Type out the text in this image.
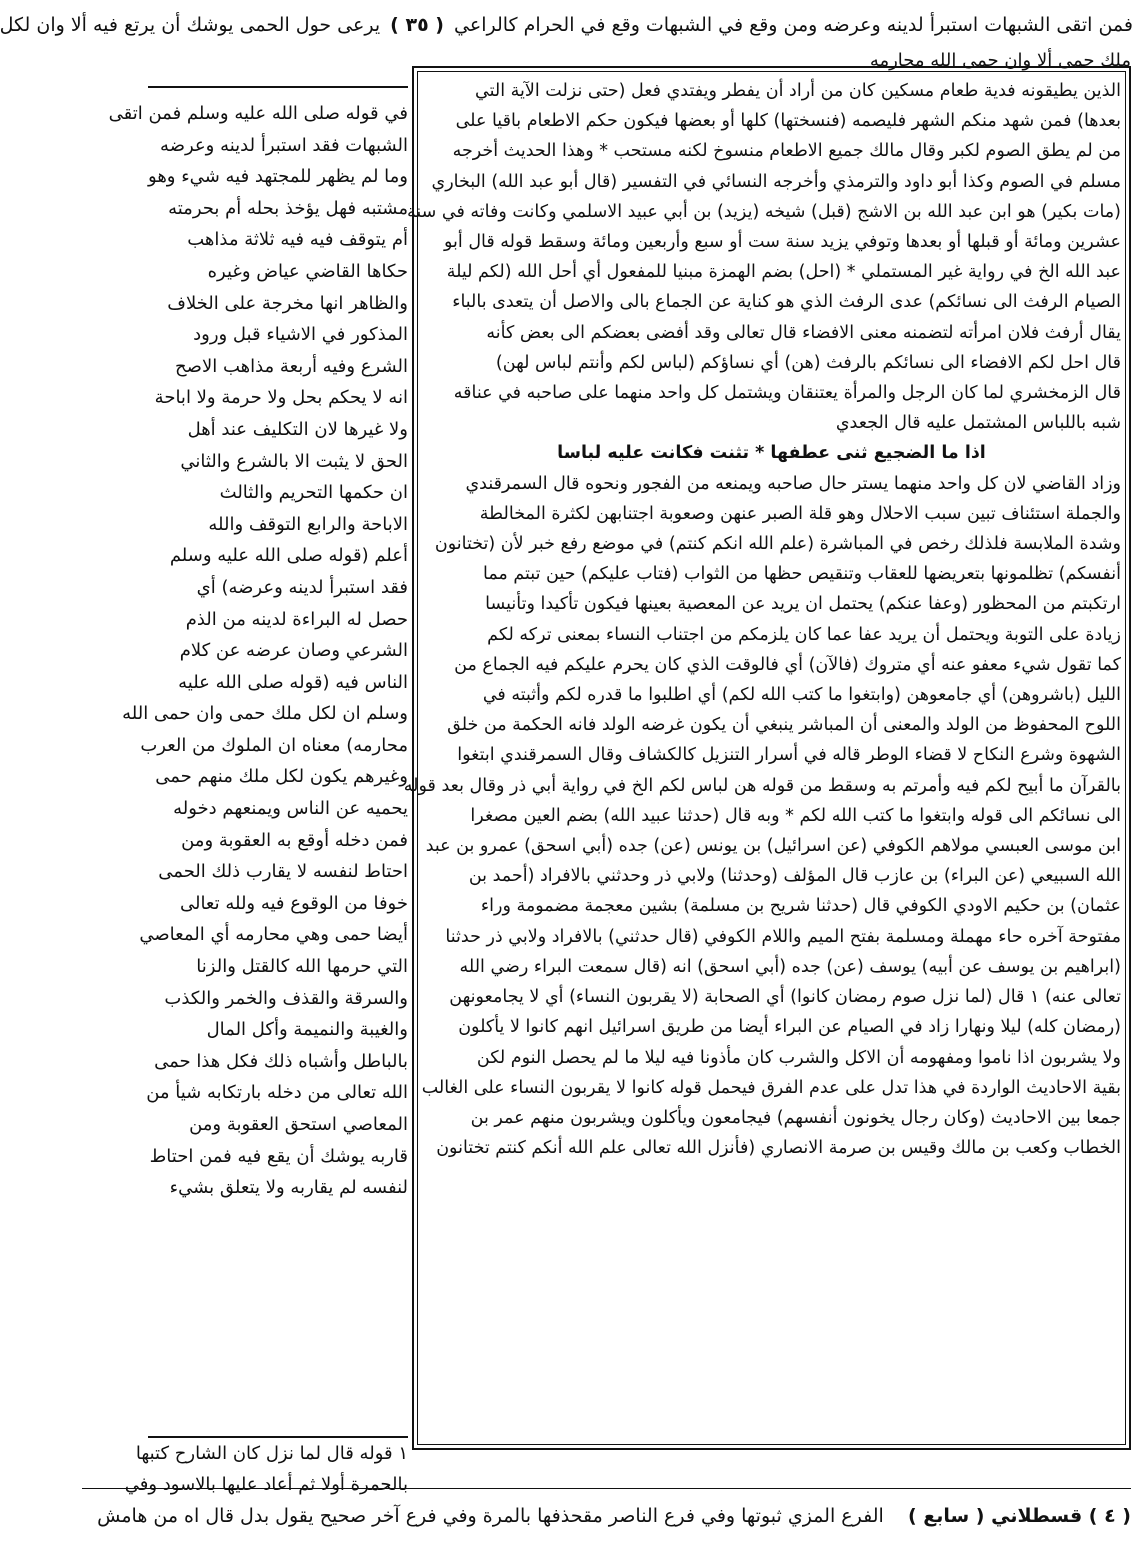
فمن اتقى الشبهات استبرأ لدينه وعرضه ومن وقع في الشبهات وقع في الحرام كالراعي ( ٣٥ ) يرعى حول الحمى يوشك أن يرتع فيه ألا وان لكل
ملك حمى ألا وان حمى الله محارمه

الذين يطيقونه فدية طعام مسكين كان من أراد أن يفطر ويفتدي فعل (حتى نزلت الآية التي

بعدها) فمن شهد منكم الشهر فليصمه (فنسختها) كلها أو بعضها فيكون حكم الاطعام باقيا على

من لم يطق الصوم لكبر وقال مالك جميع الاطعام منسوخ لكنه مستحب * وهذا الحديث أخرجه

مسلم في الصوم وكذا أبو داود والترمذي وأخرجه النسائي في التفسير (قال أبو عبد الله) البخاري

(مات بكير) هو ابن عبد الله بن الاشج (قبل) شيخه (يزيد) بن أبي عبيد الاسلمي وكانت وفاته في سنة

عشرين ومائة أو قبلها أو بعدها وتوفي يزيد سنة ست أو سبع وأربعين ومائة وسقط قوله قال أبو

عبد الله الخ في رواية غير المستملي * (احل) بضم الهمزة مبنيا للمفعول أي أحل الله (لكم ليلة

الصيام الرفث الى نسائكم) عدى الرفث الذي هو كناية عن الجماع بالى والاصل أن يتعدى بالباء

يقال أرفث فلان امرأته لتضمنه معنى الافضاء قال تعالى وقد أفضى بعضكم الى بعض كأنه

قال احل لكم الافضاء الى نسائكم بالرفث (هن) أي نساؤكم (لباس لكم وأنتم لباس لهن)

قال الزمخشري لما كان الرجل والمرأة يعتنقان ويشتمل كل واحد منهما على صاحبه في عناقه

شبه باللباس المشتمل عليه قال الجعدي

اذا ما الضجيع ثنى عطفها * تثنت فكانت عليه لباسا

وزاد القاضي لان كل واحد منهما يستر حال صاحبه ويمنعه من الفجور ونحوه قال السمرقندي

والجملة استئناف تبين سبب الاحلال وهو قلة الصبر عنهن وصعوبة اجتنابهن لكثرة المخالطة

وشدة الملابسة فلذلك رخص في المباشرة (علم الله انكم كنتم) في موضع رفع خبر لأن (تختانون

أنفسكم) تظلمونها بتعريضها للعقاب وتنقيص حظها من الثواب (فتاب عليكم) حين تبتم مما

ارتكبتم من المحظور (وعفا عنكم) يحتمل ان يريد عن المعصية بعينها فيكون تأكيدا وتأنيسا

زيادة على التوبة ويحتمل أن يريد عفا عما كان يلزمكم من اجتناب النساء بمعنى تركه لكم

كما تقول شيء معفو عنه أي متروك (فالآن) أي فالوقت الذي كان يحرم عليكم فيه الجماع من

الليل (باشروهن) أي جامعوهن (وابتغوا ما كتب الله لكم) أي اطلبوا ما قدره لكم وأثبته في

اللوح المحفوظ من الولد والمعنى أن المباشر ينبغي أن يكون غرضه الولد فانه الحكمة من خلق

الشهوة وشرع النكاح لا قضاء الوطر قاله في أسرار التنزيل كالكشاف وقال السمرقندي ابتغوا

بالقرآن ما أبيح لكم فيه وأمرتم به وسقط من قوله هن لباس لكم الخ في رواية أبي ذر وقال بعد قوله

الى نسائكم الى قوله وابتغوا ما كتب الله لكم * وبه قال (حدثنا عبيد الله) بضم العين مصغرا

ابن موسى العبسي مولاهم الكوفي (عن اسرائيل) بن يونس (عن) جده (أبي اسحق) عمرو بن عبد

الله السبيعي (عن البراء) بن عازب قال المؤلف (وحدثنا) ولابي ذر وحدثني بالافراد (أحمد بن

عثمان) بن حكيم الاودي الكوفي قال (حدثنا شريح بن مسلمة) بشين معجمة مضمومة وراء

مفتوحة آخره حاء مهملة ومسلمة بفتح الميم واللام الكوفي (قال حدثني) بالافراد ولابي ذر حدثنا

(ابراهيم بن يوسف عن أبيه) يوسف (عن) جده (أبي اسحق) انه (قال سمعت البراء رضي الله

تعالى عنه) ١ قال (لما نزل صوم رمضان كانوا) أي الصحابة (لا يقربون النساء) أي لا يجامعونهن

(رمضان كله) ليلا ونهارا زاد في الصيام عن البراء أيضا من طريق اسرائيل انهم كانوا لا يأكلون

ولا يشربون اذا ناموا ومفهومه أن الاكل والشرب كان مأذونا فيه ليلا ما لم يحصل النوم لكن

بقية الاحاديث الواردة في هذا تدل على عدم الفرق فيحمل قوله كانوا لا يقربون النساء على الغالب

جمعا بين الاحاديث (وكان رجال يخونون أنفسهم) فيجامعون ويأكلون ويشربون منهم عمر بن

الخطاب وكعب بن مالك وقيس بن صرمة الانصاري (فأنزل الله تعالى علم الله أنكم كنتم تختانون

في قوله صلى الله عليه وسلم فمن اتقى

الشبهات فقد استبرأ لدينه وعرضه

وما لم يظهر للمجتهد فيه شيء وهو

مشتبه فهل يؤخذ بحله أم بحرمته

أم يتوقف فيه فيه ثلاثة مذاهب

حكاها القاضي عياض وغيره

والظاهر انها مخرجة على الخلاف

المذكور في الاشياء قبل ورود

الشرع وفيه أربعة مذاهب الاصح

انه لا يحكم بحل ولا حرمة ولا اباحة

ولا غيرها لان التكليف عند أهل

الحق لا يثبت الا بالشرع والثاني

ان حكمها التحريم والثالث

الاباحة والرابع التوقف والله

أعلم (قوله صلى الله عليه وسلم

فقد استبرأ لدينه وعرضه) أي

حصل له البراءة لدينه من الذم

الشرعي وصان عرضه عن كلام

الناس فيه (قوله صلى الله عليه

وسلم ان لكل ملك حمى وان حمى الله

محارمه) معناه ان الملوك من العرب

وغيرهم يكون لكل ملك منهم حمى

يحميه عن الناس ويمنعهم دخوله

فمن دخله أوقع به العقوبة ومن

احتاط لنفسه لا يقارب ذلك الحمى

خوفا من الوقوع فيه ولله تعالى

أيضا حمى وهي محارمه أي المعاصي

التي حرمها الله كالقتل والزنا

والسرقة والقذف والخمر والكذب

والغيبة والنميمة وأكل المال

بالباطل وأشباه ذلك فكل هذا حمى

الله تعالى من دخله بارتكابه شيأ من

المعاصي استحق العقوبة ومن

قاربه يوشك أن يقع فيه فمن احتاط

لنفسه لم يقاربه ولا يتعلق بشيء

١ قوله قال لما نزل كان الشارح كتبها

بالحمرة أولا ثم أعاد عليها بالاسود وفي

( ٤ ) قسطلاني ( سابع )    الفرع المزي ثبوتها وفي فرع الناصر مقحذفها بالمرة وفي فرع آخر صحيح يقول بدل قال اه من هامش
